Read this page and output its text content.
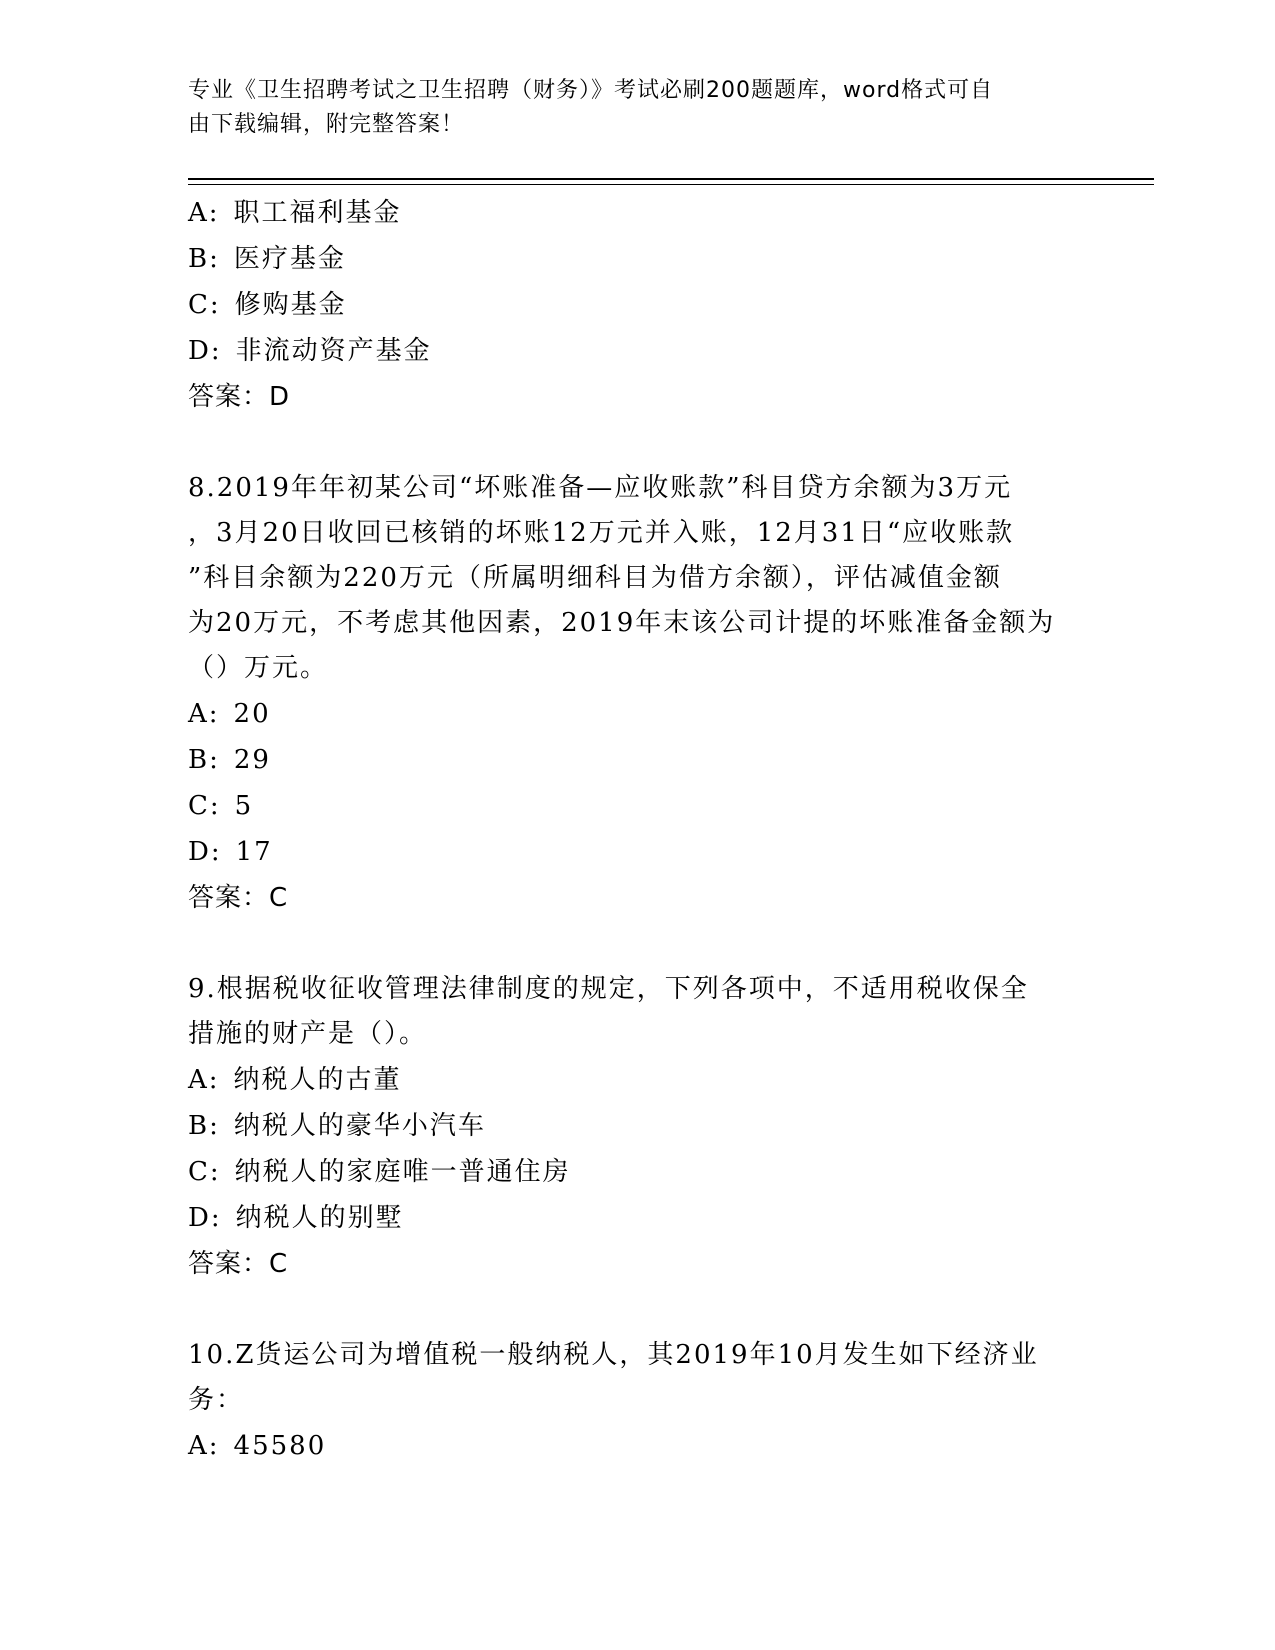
专业《卫生招聘考试之卫生招聘（财务）》考试必刷200题题库，word格式可自
由下载编辑，附完整答案！
A: 职工福利基金
B: 医疗基金
C: 修购基金
D: 非流动资产基金
答案：D
8.2019年年初某公司“坏账准备—应收账款”科目贷方余额为3万元
，3月20日收回已核销的坏账12万元并入账，12月31日“应收账款
”科目余额为220万元（所属明细科目为借方余额），评估减值金额
为20万元，不考虑其他因素，2019年末该公司计提的坏账准备金额为
（）万元。
A: 20
B: 29
C: 5
D: 17
答案：C
9.根据税收征收管理法律制度的规定，下列各项中，不适用税收保全
措施的财产是（）。
A: 纳税人的古董
B: 纳税人的豪华小汽车
C: 纳税人的家庭唯一普通住房
D: 纳税人的别墅
答案：C
10.Z货运公司为增值税一般纳税人，其2019年10月发生如下经济业
务：
A: 45580
